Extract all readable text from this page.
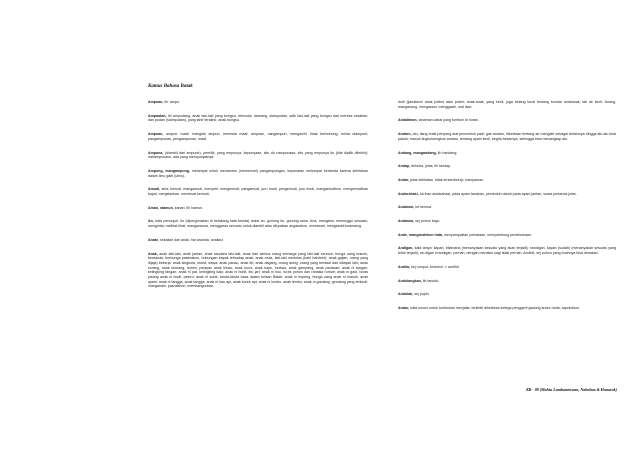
Kamus Bahasa Batak

Ampuan, lih. ampu.

Ampuatan, lih ampudang, anak laki-laki yang bungsu, termuda; dareang, siampudan, adik laki-laki yang bungsu dari mereka sekalian; dan pudan (siampudan), yang lahir terakhir, anak bungsu.

Ampuan, ampun; maaf; mangido ampun, meminta maaf; ampuan, nangampun, mengasihi, tidak berbohong, minta diampuni; pangampunan, pengampunan, maaf.

Ampuna, (diambil dari ampune), pemilik, yang empunya, kepunyaan; situ do nampunasa, situ yang empunya itu (bila dipilik dilebihi); nahampunaon, ada yang mempunyainya.

Ampung, mangampung, melampai untuk menamtan (memenuhi) pangampungan, kepenatan melompat bertanda karena kelelahan dalam ilmu gaib (ulmu).

Amudi, sela; kenudi, mangamudi, menyetir, mengemudi; pangamudi, juru mudi, pengemudi, juru mudi, mangamudihon, mengemudikan kapal, menjalankan, membuat kemudi.

Aman, stamun, kanan; lih hamun.

An, kata penunjuk: itu (dipergunakan di belakang kata benda) dolok an, gunung itu, gunung sana. Ana, mangana, menunggu sesuatu; mengintai; melihat-lihat; manganauna, menggarau sesuatu untuk diambil atau dilupakan anganahon, menawari, mengambil keamanig.

Anate, sekalian dari anak; hai ananda, anakku!

Anak, anak laki-laki, anak jantan, anak saudara laki-laki, anak dari semua orang semarga yang laki-laki seumur; bunga uang manuk, bereanak; berbunga pasimakon, hubungan bapak terhadap anak; anak mula, laki-laki mertelas (bahi haloberi); anak gajian, orang yang dijaja) bekerja; anak singkola, murid, siswa; anak panau, anak tiri; anak dagang, orang asing; orang yang berasal dari wilayah lain; anak sorang, anak seorang, lemen, pelayan anak hinau, anak kuno; anak hapu, kerbau; anak gampang, anak perawan; anak ni tangan, kelingking tangan; anak ni pat, kelingking kaki; anak ni buhit, ibu jari; anak ni huu, turas pohon dari rahasia rumah; anak ni gaol, lunas pisang anak ni bodil, peluru; anak ni surat, tanda-tanda baca dalam tulisan Batak; anak ni hopeng, bunga uang anak ni manuk, anak ayam; anak ni tangga, anak tangga; anak ni hau api, anak korek api; anak ni lombu, anak lembu; anak ni gordang, gendang yang terkecil; manganahi, pasnakhon, membangunkan.

dulit (ijanakkon anak pottes atau puteri; anak-anak, yang kecil, juga belang kural tentang bondar anakanak, tali air kecil. Anang, manganang, mengasani, menggasih, mal ikan.

Andalimon, tanaman cabai yang tumbuh di hutan.

Andaru, atu, tiang bulat penyang alat penumbuk padi; gas andaru, diketekan tiretang air mengalir sebagai terlalunya hingga alu-alu kirai pakah; manuk tingkoloengkue andaru, tentang ayam kecil, begitu besarnya, sehingga bisa menangkap alu.

Andang, mangandang, lih handang.

Andap, terbuka, jelas, lih tandap.

Andar, jelas kelihatan, tidak tersembunyi; nampaman.

Andorahasi, lut ihan andarahasi, pada ayam tanakan, pembuluh darah pada ayam jantan, suara pertanda jelas.

Andarasi, lut semua.

Andasna, sej pohon kayu.

Ande, mangandehon hata, menyampaikan perkataan, menyambung pembicaraan.

Andigan, kata tanya: kapan, bilamana (menanyakan sesuatu yang akan terjadi); nandigan, kapan (sudah) (menanyakan sesuatu yang telah terjadi); an-digan ni andigan, pernah, dengan menaksi nagi tidak pernah. Andihit, sej pohon yang buahnya bisa dimakan.

Andila, sej rumput. Andohol -> andihit.

Andolangkan, lih tandok.

Andulak, sej pujuh.

Andur, kata umum untuk tumbuhan menjalar, terlebih diketekan ketega penggerit gadong andor hoda, capritolium.

KB - 88 (Mahiu Lumbantoruan, Naholma & Hanarak)
